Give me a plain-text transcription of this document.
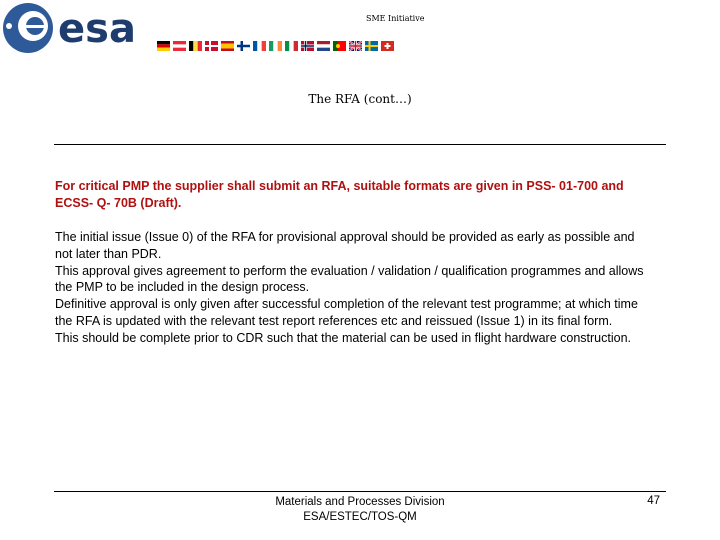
esa	SME Initiative
The RFA (cont…)

For critical PMP the supplier shall submit an RFA, suitable formats are given in PSS- 01-700 and ECSS- Q- 70B (Draft).

The initial issue (Issue 0) of the RFA for provisional approval should be provided as early as possible and not later than PDR.

This approval gives agreement to perform the evaluation / validation / qualification programmes and allows the PMP to be included in the design process.

Definitive approval is only given after successful completion of the relevant test programme; at which time the RFA is updated with the relevant test report references etc and reissued (Issue 1) in its final form.

This should be complete prior to CDR such that the material can be used in flight hardware construction.

Materials and Processes Division
ESA/ESTEC/TOS-QM
47
